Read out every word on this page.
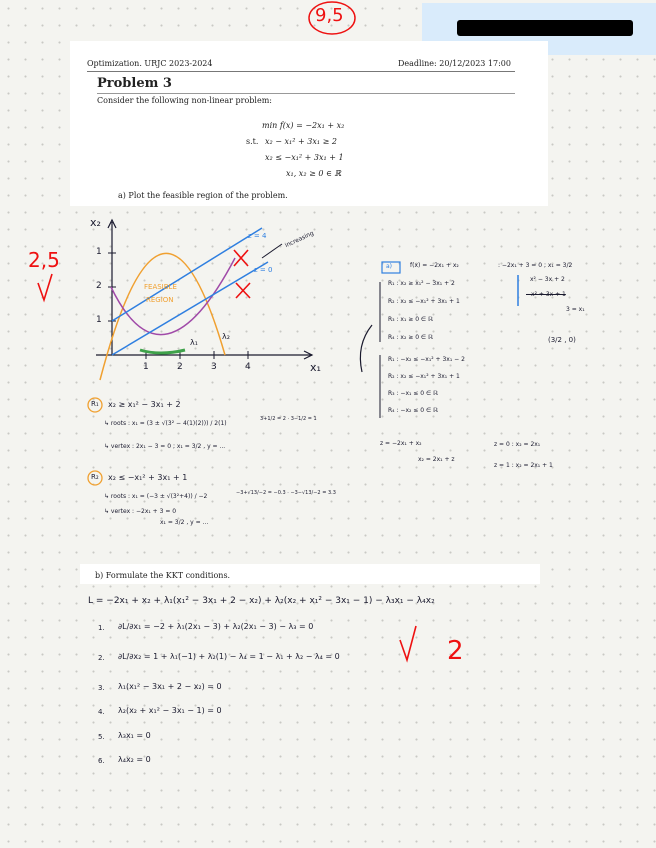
9,5
Optimization. URJC 2023-2024	Deadline: 20/12/2023 17:00
Problem 3
Consider the following non-linear problem:
min f(x) = −2x₁ + x₂
s.t. x₂ − x₁² + 3x₁ ≥ 2
x₂ ≤ −x₁² + 3x₁ + 1
x₁, x₂ ≥ 0 ∈ ℝ
a) Plot the feasible region of the problem.
b) Formulate the KKT conditions.
2,5
2
x₂
x₁
1
2
1
1	2	3	4
FEASIBLE
REGION
λ₁
λ₂
z = 4
z = 0
increasing
R₁ x₂ ≥ x₁² − 3x₁ + 2
↳ roots : x₁ = (3 ± √(3² − 4(1)(2))) / 2(1)
3+1/2 = 2 · 3−1/2 = 1
↳ vertex : 2x₁ − 3 = 0 ; x₁ = 3/2 , y = ...
R₂ x₂ ≤ −x₁² + 3x₁ + 1
↳ roots : x₁ = (−3 ± √(3²+4)) / −2	−3+√13/−2 = −0.3 · −3−√13/−2 = 3.3
↳ vertex : −2x₁ + 3 = 0
x₁ = 3/2 , y = ...
a)	f(x) = −2x₁ + x₂	: −2x₁ + 3 = 0 ; x₁ = 3/2
R₁ : x₂ ≥ x₁² − 3x₁ + 2
R₂ : x₂ ≤ −x₁² + 3x₁ + 1
R₃ : x₁ ≥ 0 ∈ ℝ
R₄ : x₂ ≥ 0 ∈ ℝ
R₁ : −x₂ ≤ −x₁² + 3x₁ − 2
R₂ : x₂ ≤ −x₁² + 3x₁ + 1
R₃ : −x₁ ≤ 0 ∈ ℝ
R₄ : −x₂ ≤ 0 ∈ ℝ
x² − 3x + 2
−x² + 3x + 1
3 = x₁
(3/2 , 0)
z = −2x₁ + x₂
x₂ = 2x₁ + z
z = 0 : x₂ = 2x₁
z = 1 : x₂ = 2x₁ + 1
L = −2x₁ + x₂ + λ₁(x₁² − 3x₁ + 2 − x₂) + λ₂(x₂ + x₁² − 3x₁ − 1) − λ₃x₁ − λ₄x₂
1. ∂L/∂x₁ = −2 + λ₁(2x₁ − 3) + λ₂(2x₁ − 3) − λ₃ = 0
2. ∂L/∂x₂ = 1 + λ₁(−1) + λ₂(1) − λ₄ = 1 − λ₁ + λ₂ − λ₄ = 0
3. λ₁(x₁² − 3x₁ + 2 − x₂) = 0
4. λ₂(x₂ + x₁² − 3x₁ − 1) = 0
5. λ₃x₁ = 0
6. λ₄x₂ = 0
